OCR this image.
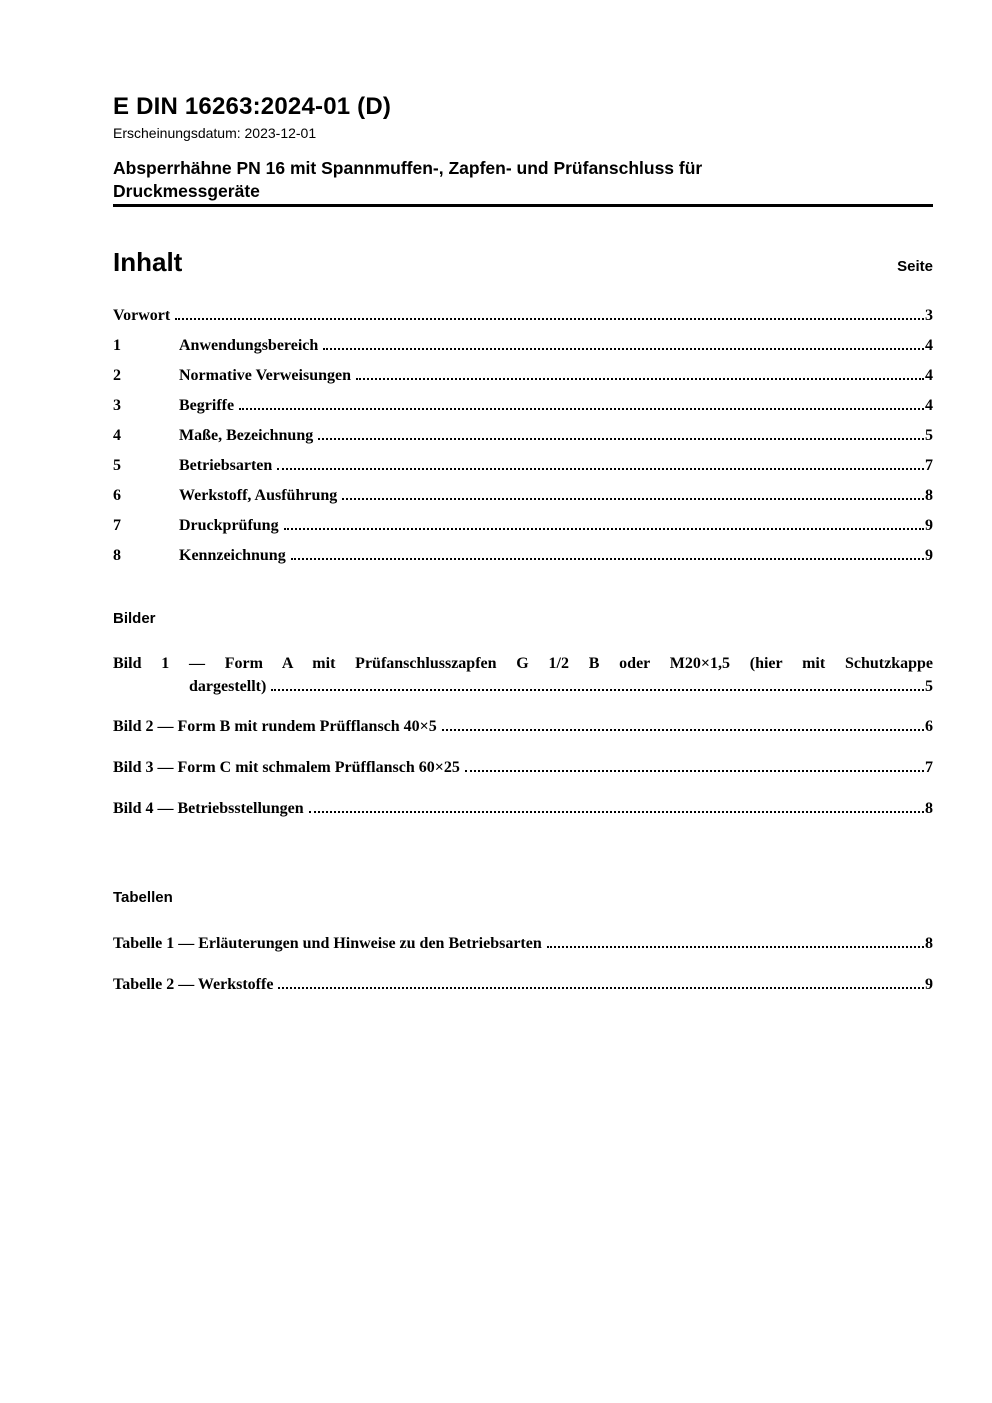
E DIN 16263:2024-01 (D)
Erscheinungsdatum: 2023-12-01
Absperrhähne PN 16 mit Spannmuffen-, Zapfen- und Prüfanschluss für
Druckmessgeräte
Inhalt	Seite
Vorwort	3
1	Anwendungsbereich	4
2	Normative Verweisungen	4
3	Begriffe	4
4	Maße, Bezeichnung	5
5	Betriebsarten	7
6	Werkstoff, Ausführung	8
7	Druckprüfung	9
8	Kennzeichnung	9
Bilder
Bild 1 — Form A mit Prüfanschlusszapfen G 1/2 B oder M20×1,5 (hier mit Schutzkappe
dargestellt)	5
Bild 2 — Form B mit rundem Prüfflansch 40×5	6
Bild 3 — Form C mit schmalem Prüfflansch 60×25	7
Bild 4 — Betriebsstellungen	8
Tabellen
Tabelle 1 — Erläuterungen und Hinweise zu den Betriebsarten	8
Tabelle 2 — Werkstoffe	9
